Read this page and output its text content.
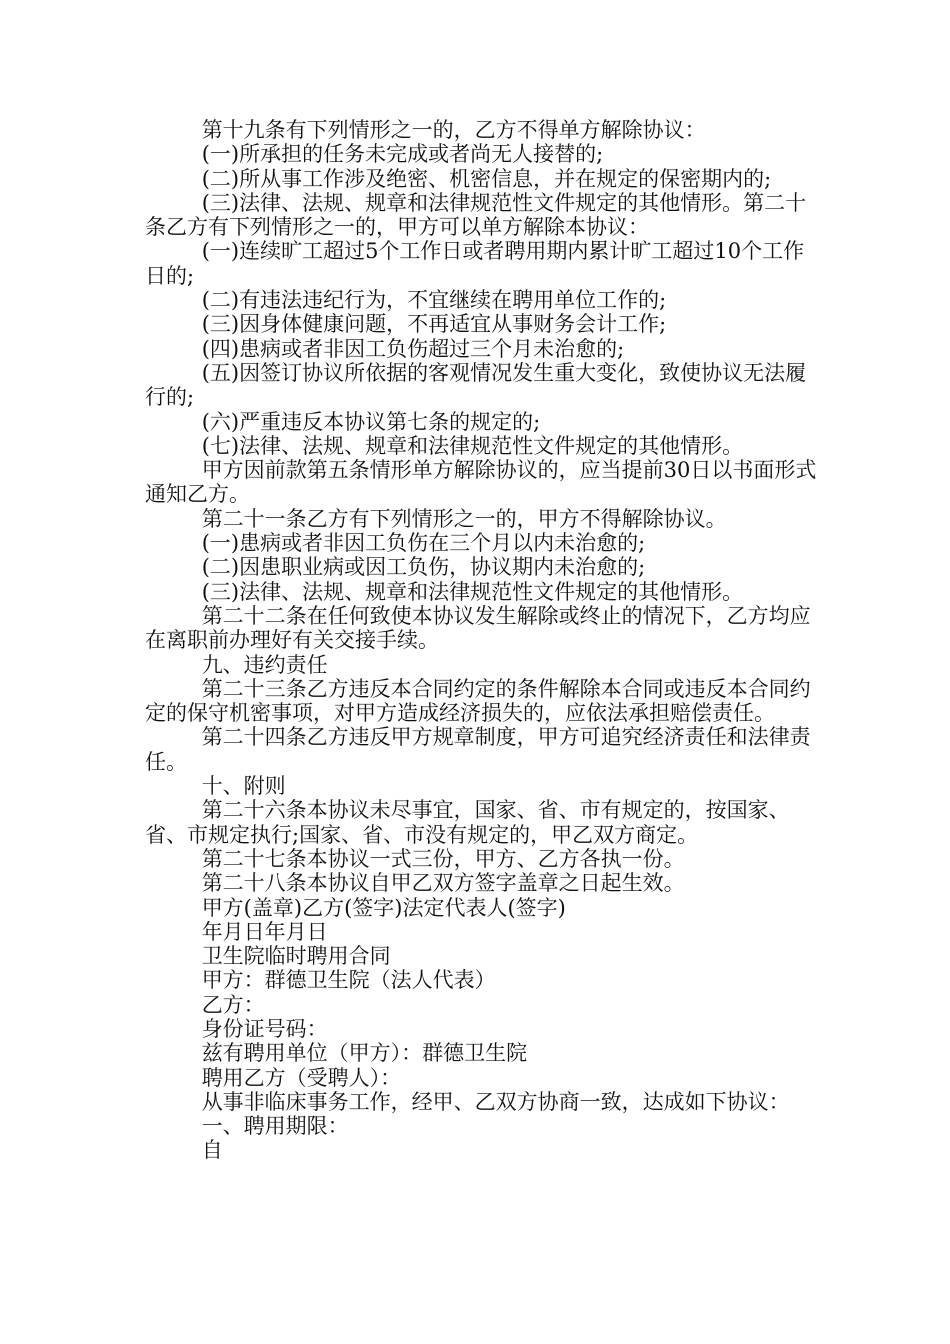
第十九条有下列情形之一的，乙方不得单方解除协议：

(一)所承担的任务未完成或者尚无人接替的;

(二)所从事工作涉及绝密、机密信息，并在规定的保密期内的;

(三)法律、法规、规章和法律规范性文件规定的其他情形。第二十条乙方有下列情形之一的，甲方可以单方解除本协议：

(一)连续旷工超过5个工作日或者聘用期内累计旷工超过10个工作日的;

(二)有违法违纪行为，不宜继续在聘用单位工作的;

(三)因身体健康问题，不再适宜从事财务会计工作;

(四)患病或者非因工负伤超过三个月未治愈的;

(五)因签订协议所依据的客观情况发生重大变化，致使协议无法履行的;

(六)严重违反本协议第七条的规定的;

(七)法律、法规、规章和法律规范性文件规定的其他情形。

甲方因前款第五条情形单方解除协议的，应当提前30日以书面形式通知乙方。

第二十一条乙方有下列情形之一的，甲方不得解除协议。

(一)患病或者非因工负伤在三个月以内未治愈的;

(二)因患职业病或因工负伤，协议期内未治愈的;

(三)法律、法规、规章和法律规范性文件规定的其他情形。

第二十二条在任何致使本协议发生解除或终止的情况下，乙方均应在离职前办理好有关交接手续。

九、违约责任

第二十三条乙方违反本合同约定的条件解除本合同或违反本合同约定的保守机密事项，对甲方造成经济损失的，应依法承担赔偿责任。

第二十四条乙方违反甲方规章制度，甲方可追究经济责任和法律责任。

十、附则

第二十六条本协议未尽事宜，国家、省、市有规定的，按国家、省、市规定执行;国家、省、市没有规定的，甲乙双方商定。

第二十七条本协议一式三份，甲方、乙方各执一份。

第二十八条本协议自甲乙双方签字盖章之日起生效。

甲方(盖章)乙方(签字)法定代表人(签字)

年月日年月日

卫生院临时聘用合同

甲方：群德卫生院（法人代表）

乙方：

身份证号码：

兹有聘用单位（甲方）：群德卫生院

聘用乙方（受聘人）：

从事非临床事务工作，经甲、乙双方协商一致，达成如下协议：

一、聘用期限：

自
